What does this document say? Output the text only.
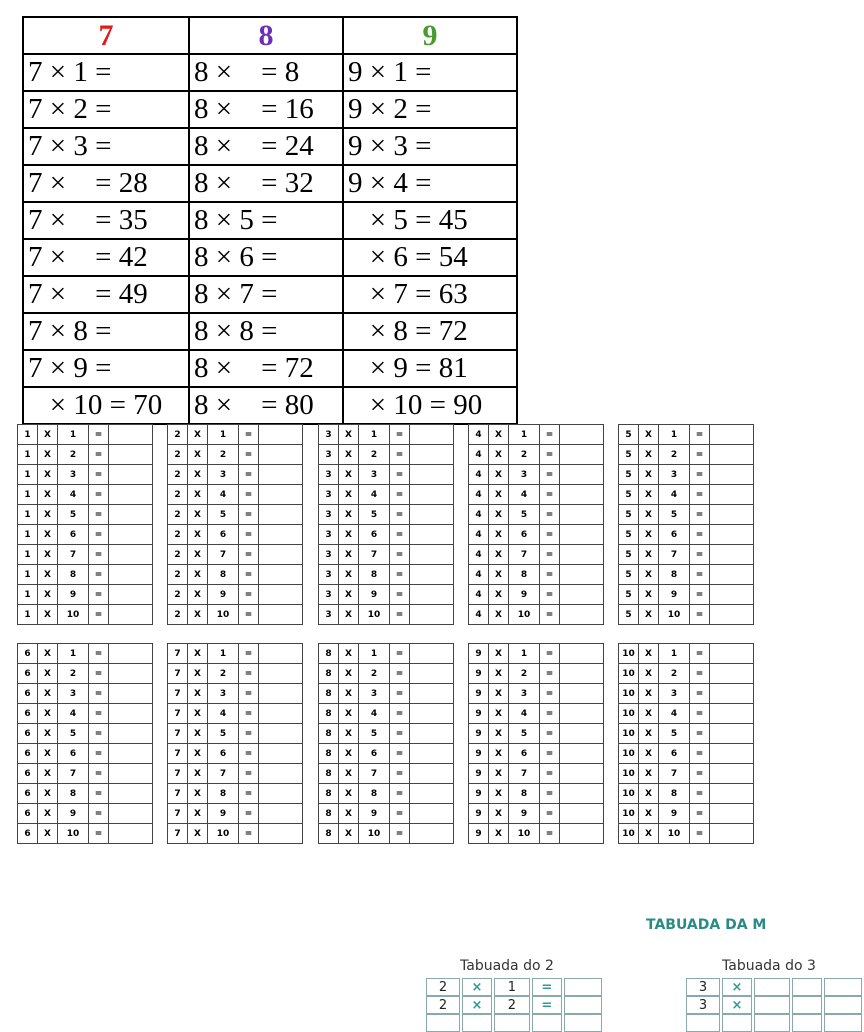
7	8	9
7 × 1 =	8 ×    = 8	9 × 1 =
7 × 2 =	8 ×    = 16	9 × 2 =
7 × 3 =	8 ×    = 24	9 × 3 =
7 ×    = 28	8 ×    = 32	9 × 4 =
7 ×    = 35	8 × 5 =	× 5 = 45
7 ×    = 42	8 × 6 =	× 6 = 54
7 ×    = 49	8 × 7 =	× 7 = 63
7 × 8 =	8 × 8 =	× 8 = 72
7 × 9 =	8 ×    = 72	× 9 = 81
× 10 = 70	8 ×    = 80	× 10 = 90
1	X	1	=	
1	X	2	=	
1	X	3	=	
1	X	4	=	
1	X	5	=	
1	X	6	=	
1	X	7	=	
1	X	8	=	
1	X	9	=	
1	X	10	=	
2	X	1	=	
2	X	2	=	
2	X	3	=	
2	X	4	=	
2	X	5	=	
2	X	6	=	
2	X	7	=	
2	X	8	=	
2	X	9	=	
2	X	10	=	
3	X	1	=	
3	X	2	=	
3	X	3	=	
3	X	4	=	
3	X	5	=	
3	X	6	=	
3	X	7	=	
3	X	8	=	
3	X	9	=	
3	X	10	=	
4	X	1	=	
4	X	2	=	
4	X	3	=	
4	X	4	=	
4	X	5	=	
4	X	6	=	
4	X	7	=	
4	X	8	=	
4	X	9	=	
4	X	10	=	
5	X	1	=	
5	X	2	=	
5	X	3	=	
5	X	4	=	
5	X	5	=	
5	X	6	=	
5	X	7	=	
5	X	8	=	
5	X	9	=	
5	X	10	=	
6	X	1	=	
6	X	2	=	
6	X	3	=	
6	X	4	=	
6	X	5	=	
6	X	6	=	
6	X	7	=	
6	X	8	=	
6	X	9	=	
6	X	10	=	
7	X	1	=	
7	X	2	=	
7	X	3	=	
7	X	4	=	
7	X	5	=	
7	X	6	=	
7	X	7	=	
7	X	8	=	
7	X	9	=	
7	X	10	=	
8	X	1	=	
8	X	2	=	
8	X	3	=	
8	X	4	=	
8	X	5	=	
8	X	6	=	
8	X	7	=	
8	X	8	=	
8	X	9	=	
8	X	10	=	
9	X	1	=	
9	X	2	=	
9	X	3	=	
9	X	4	=	
9	X	5	=	
9	X	6	=	
9	X	7	=	
9	X	8	=	
9	X	9	=	
9	X	10	=	
10	X	1	=	
10	X	2	=	
10	X	3	=	
10	X	4	=	
10	X	5	=	
10	X	6	=	
10	X	7	=	
10	X	8	=	
10	X	9	=	
10	X	10	=	
TABUADA DA M
Tabuada do 2
2	×	1	=	
2	×	2	=	

Tabuada do 3
3	×			
3	×			
